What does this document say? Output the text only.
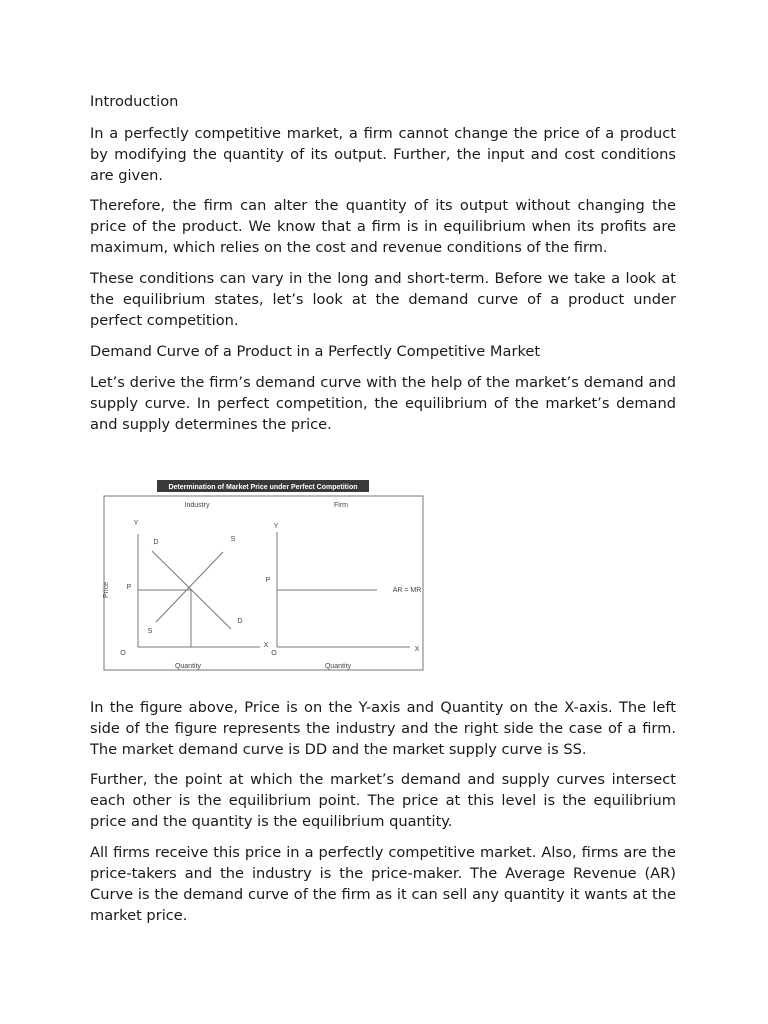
Introduction

In a perfectly competitive market, a firm cannot change the price of a product by modifying the quantity of its output. Further, the input and cost conditions are given.

Therefore, the firm can alter the quantity of its output without changing the price of the product. We know that a firm is in equilibrium when its profits are maximum, which relies on the cost and revenue conditions of the firm.

These conditions can vary in the long and short-term. Before we take a look at the equilibrium states, let’s look at the demand curve of a product under perfect competition.

Demand Curve of a Product in a Perfectly Competitive Market

Let’s derive the firm’s demand curve with the help of the market’s demand and supply curve. In perfect competition, the equilibrium of the market’s demand and supply determines the price.

Determination of Market Price under Perfect Competition
Industry	Firm
Y
X
O
Price
Quantity
D
D
S
S
P
Y
X
O
Quantity
P
AR = MR

In the figure above, Price is on the Y-axis and Quantity on the X-axis. The left side of the figure represents the industry and the right side the case of a firm. The market demand curve is DD and the market supply curve is SS.

Further, the point at which the market’s demand and supply curves intersect each other is the equilibrium point. The price at this level is the equilibrium price and the quantity is the equilibrium quantity.

All firms receive this price in a perfectly competitive market. Also, firms are the price-takers and the industry is the price-maker. The Average Revenue (AR) Curve is the demand curve of the firm as it can sell any quantity it wants at the market price.
